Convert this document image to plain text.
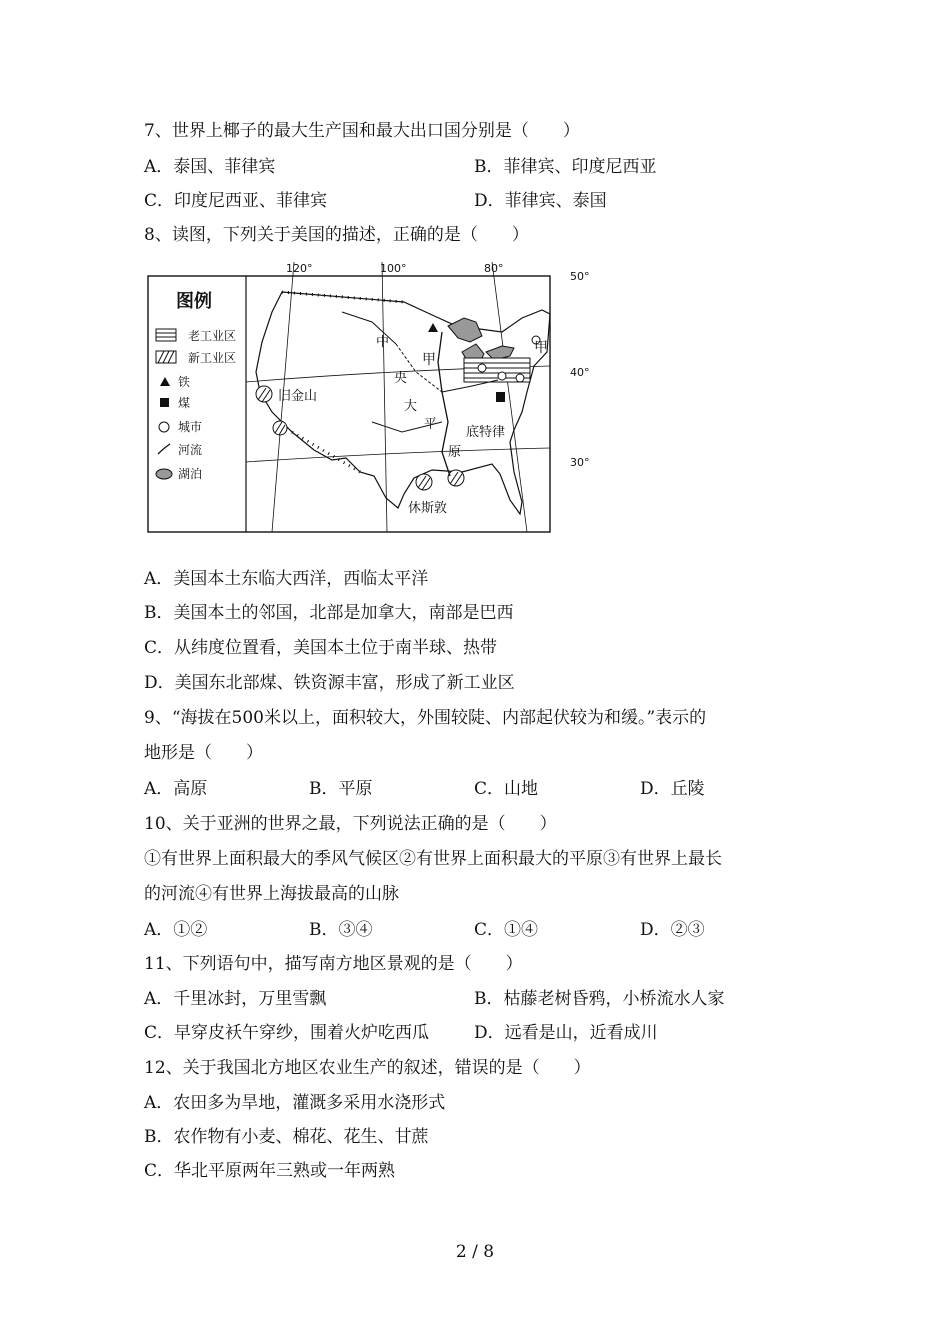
7、世界上椰子的最大生产国和最大出口国分别是（　　）
A．泰国、菲律宾	B．菲律宾、印度尼西亚
C．印度尼西亚、菲律宾	D．菲律宾、泰国
8、读图，下列关于美国的描述，正确的是（　　）
120°	100°	80°
50°
40°
30°
图例
老工业区
新工业区
铁
煤
城市
河流
湖泊
中
央
大
平
原
甲
甲
旧金山
底特律
休斯敦
A．美国本土东临大西洋，西临太平洋
B．美国本土的邻国，北部是加拿大，南部是巴西
C．从纬度位置看，美国本土位于南半球、热带
D．美国东北部煤、铁资源丰富，形成了新工业区
9、“海拔在500米以上，面积较大，外围较陡、内部起伏较为和缓。”表示的
地形是（　　）
A．高原	B．平原	C．山地	D．丘陵
10、关于亚洲的世界之最，下列说法正确的是（　　）
①有世界上面积最大的季风气候区②有世界上面积最大的平原③有世界上最长
的河流④有世界上海拔最高的山脉
A．①②	B．③④	C．①④	D．②③
11、下列语句中，描写南方地区景观的是（　　）
A．千里冰封，万里雪飘	B．枯藤老树昏鸦，小桥流水人家
C．早穿皮袄午穿纱，围着火炉吃西瓜	D．远看是山，近看成川
12、关于我国北方地区农业生产的叙述，错误的是（　　）
A．农田多为旱地，灌溉多采用水浇形式
B．农作物有小麦、棉花、花生、甘蔗
C．华北平原两年三熟或一年两熟
2 / 8
